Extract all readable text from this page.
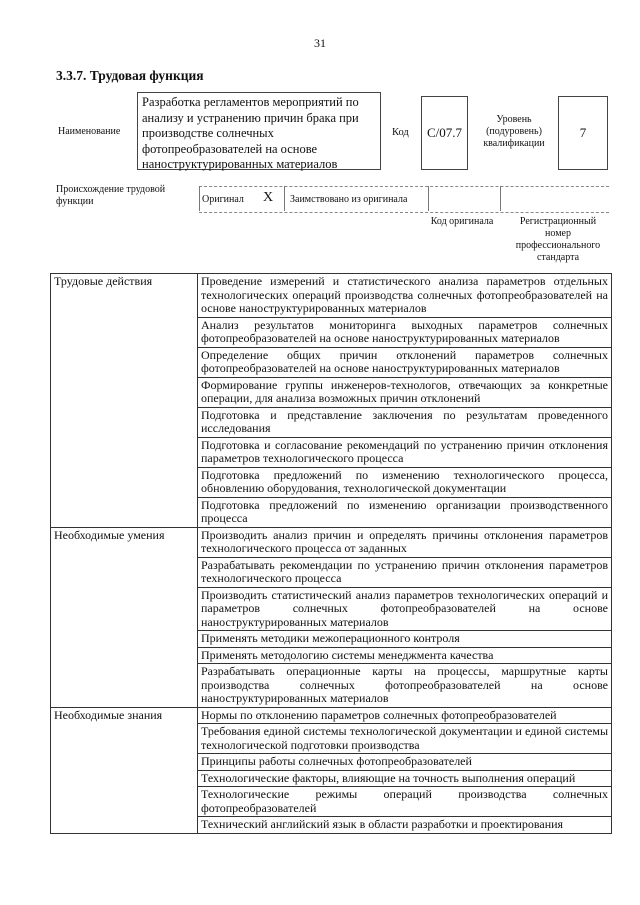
31
3.3.7. Трудовая функция
Наименование
Разработка регламентов мероприятий по анализу и устранению причин брака при производстве солнечных фотопреобразователей на основе наноструктурированных материалов
Код	C/07.7
Уровень (подуровень) квалификации
7
Происхождение трудовой функции	Оригинал X Заимствовано из оригинала
Код оригинала	Регистрационный номер профессионального стандарта
Трудовые действия	Проведение измерений и статистического анализа параметров отдельных технологических операций производства солнечных фотопреобразователей на основе наноструктурированных материалов
	Анализ результатов мониторинга выходных параметров солнечных фотопреобразователей на основе наноструктурированных материалов
	Определение общих причин отклонений параметров солнечных фотопреобразователей на основе наноструктурированных материалов
	Формирование группы инженеров-технологов, отвечающих за конкретные операции, для анализа возможных причин отклонений
	Подготовка и представление заключения по результатам проведенного исследования
	Подготовка и согласование рекомендаций по устранению причин отклонения параметров технологического процесса
	Подготовка предложений по изменению технологического процесса, обновлению оборудования, технологической документации
	Подготовка предложений по изменению организации производственного процесса
Необходимые умения	Производить анализ причин и определять причины отклонения параметров технологического процесса от заданных
	Разрабатывать рекомендации по устранению причин отклонения параметров технологического процесса
	Производить статистический анализ параметров технологических операций и параметров солнечных фотопреобразователей на основе наноструктурированных материалов
	Применять методики межоперационного контроля
	Применять методологию системы менеджмента качества
	Разрабатывать операционные карты на процессы, маршрутные карты производства солнечных фотопреобразователей на основе наноструктурированных материалов
Необходимые знания	Нормы по отклонению параметров солнечных фотопреобразователей
	Требования единой системы технологической документации и единой системы технологической подготовки производства
	Принципы работы солнечных фотопреобразователей
	Технологические факторы, влияющие на точность выполнения операций
	Технологические режимы операций производства солнечных фотопреобразователей
	Технический английский язык в области разработки и проектирования
